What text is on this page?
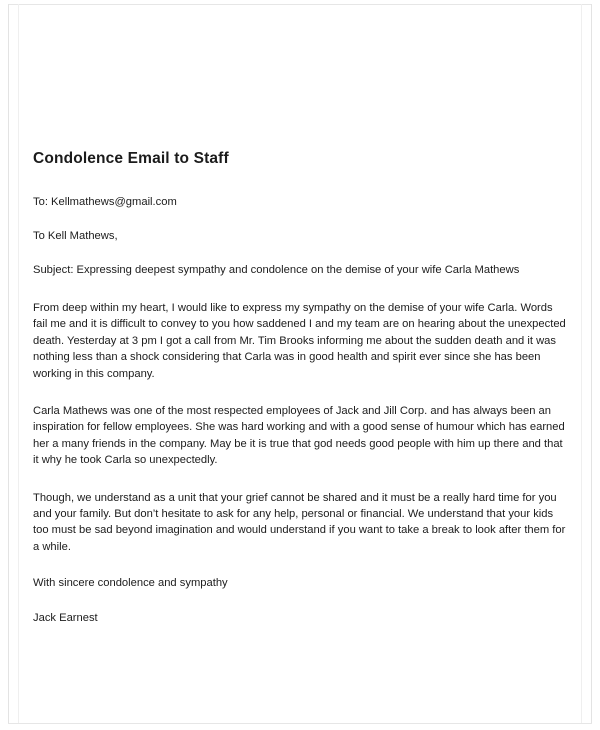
Condolence Email to Staff

To: Kellmathews@gmail.com

To Kell Mathews,

Subject: Expressing deepest sympathy and condolence on the demise of your wife Carla Mathews

From deep within my heart, I would like to express my sympathy on the demise of your wife Carla. Words fail me and it is difficult to convey to you how saddened I and my team are on hearing about the unexpected death. Yesterday at 3 pm I got a call from Mr. Tim Brooks informing me about the sudden death and it was nothing less than a shock considering that Carla was in good health and spirit ever since she has been working in this company.

Carla Mathews was one of the most respected employees of Jack and Jill Corp. and has always been an inspiration for fellow employees. She was hard working and with a good sense of humour which has earned her a many friends in the company. May be it is true that god needs good people with him up there and that it why he took Carla so unexpectedly.

Though, we understand as a unit that your grief cannot be shared and it must be a really hard time for you and your family. But don’t hesitate to ask for any help, personal or financial. We understand that your kids too must be sad beyond imagination and would understand if you want to take a break to look after them for a while.

With sincere condolence and sympathy

Jack Earnest
